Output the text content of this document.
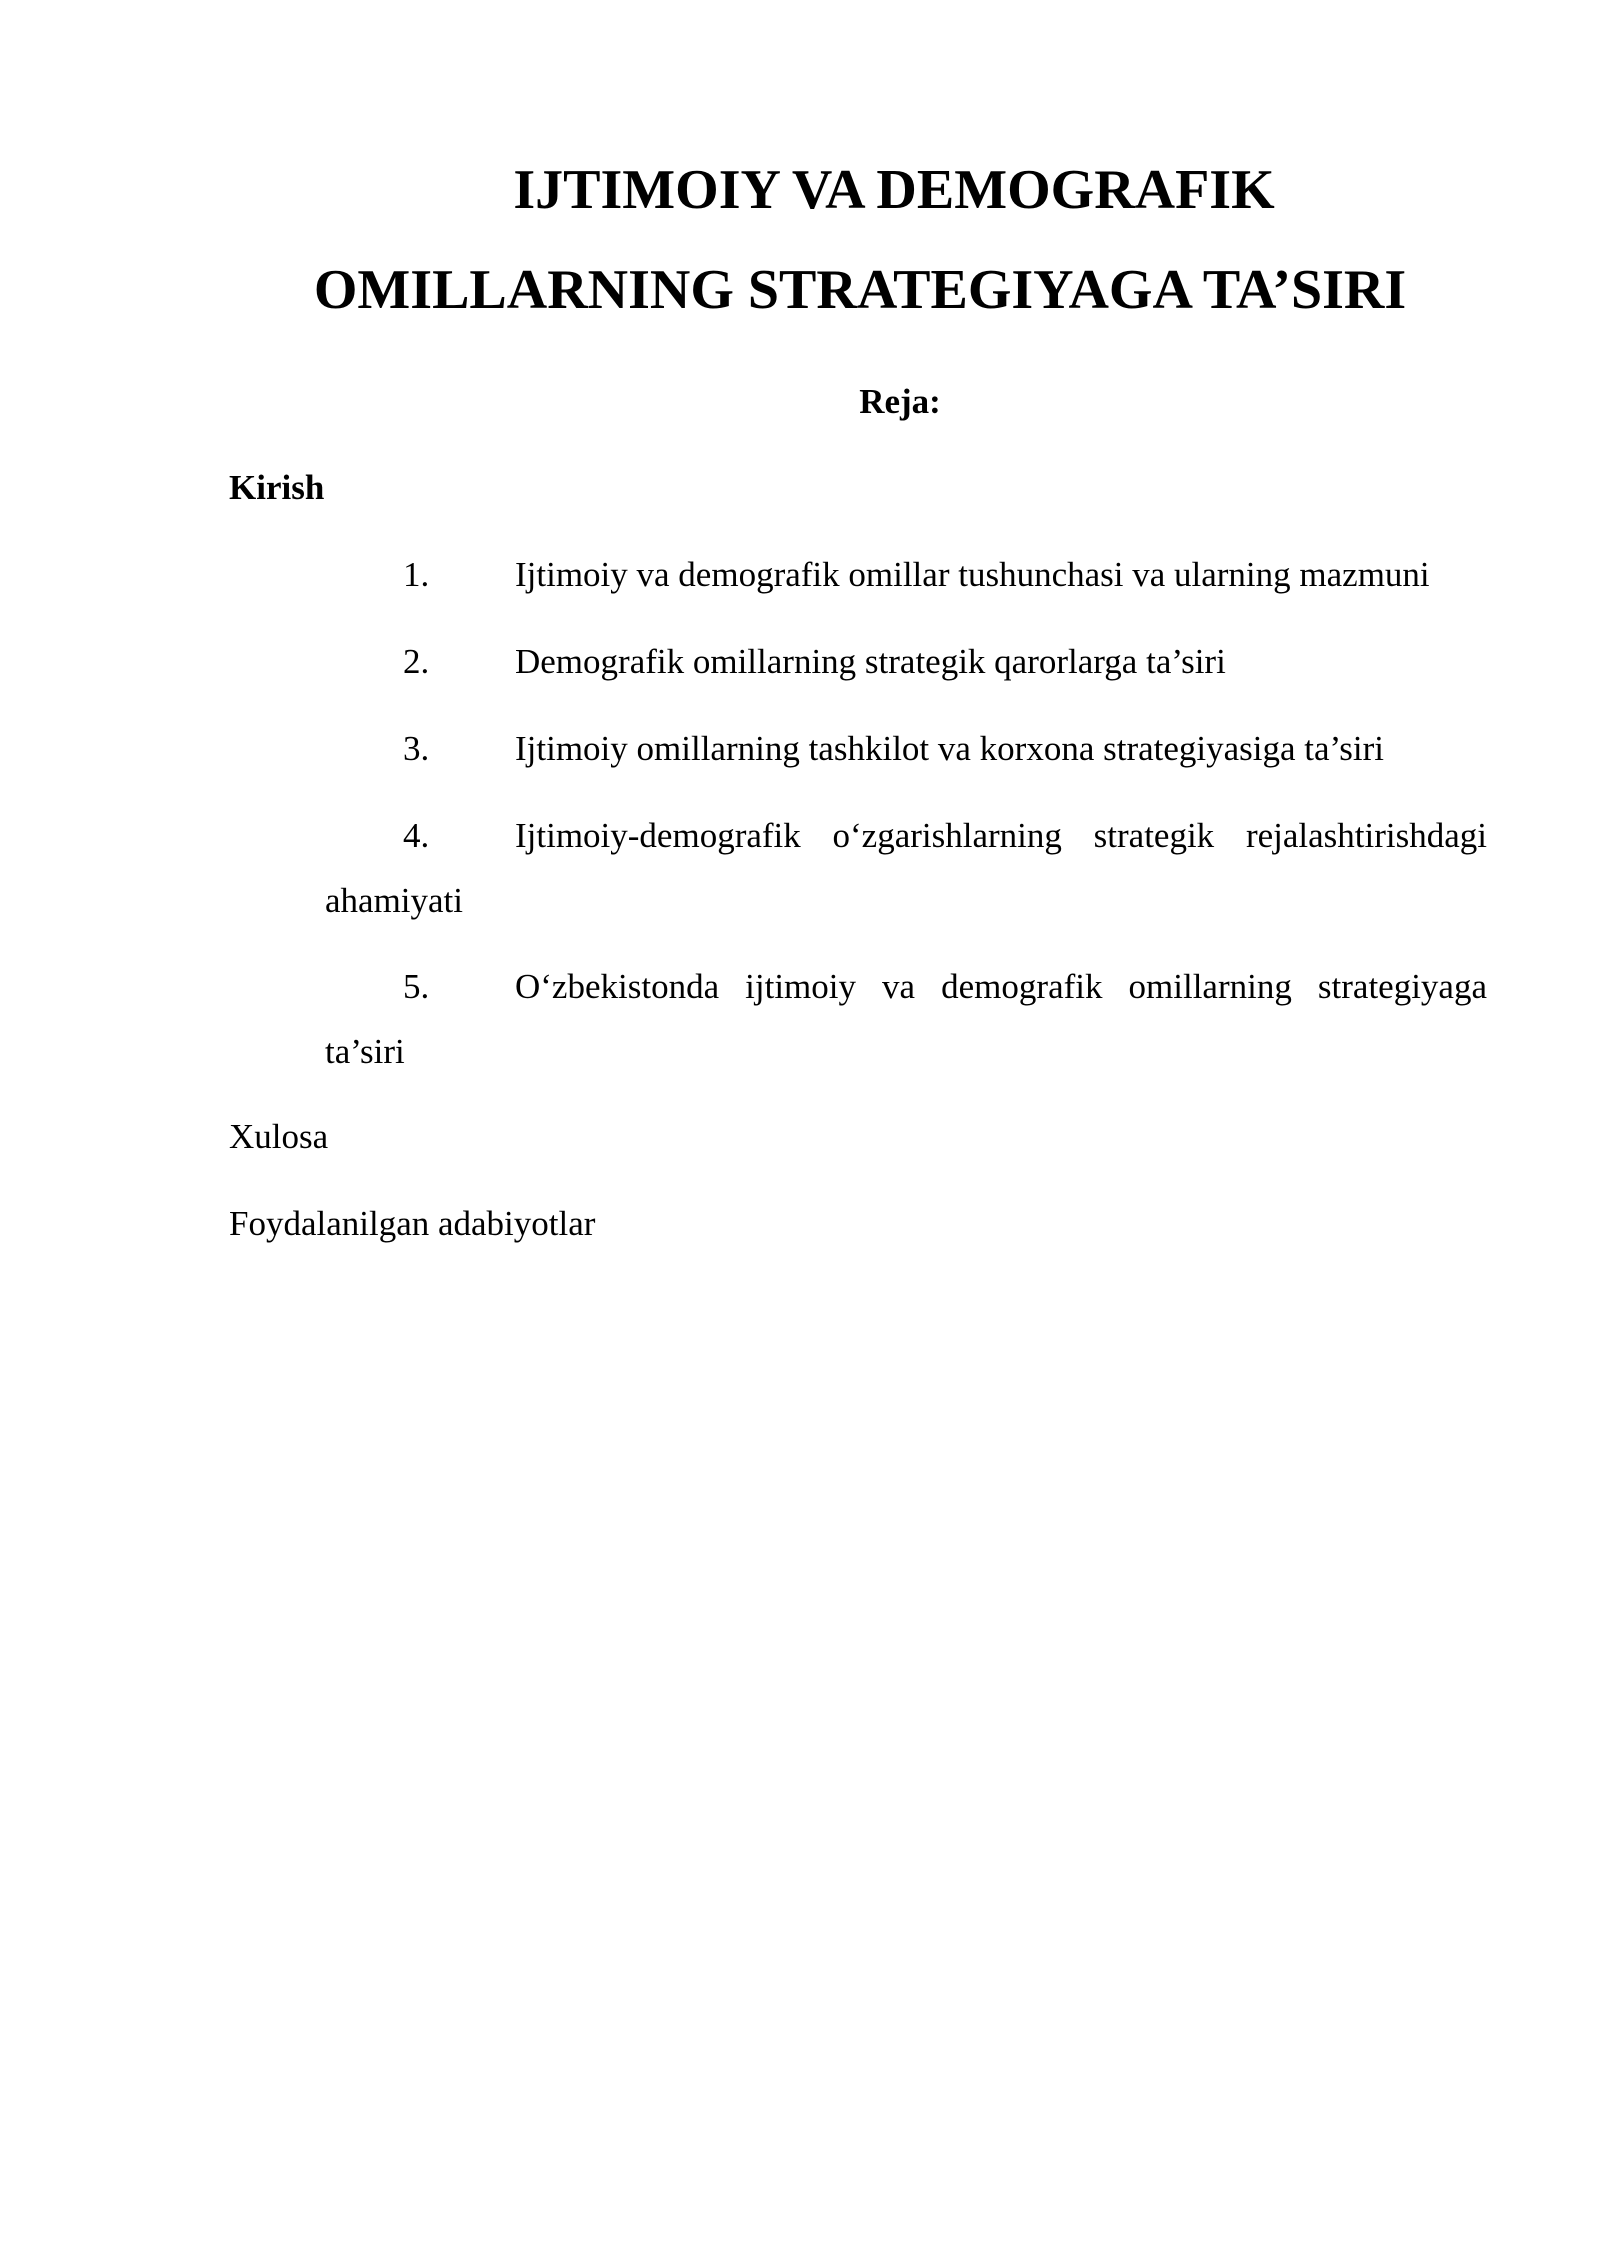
IJTIMOIY VA DEMOGRAFIK
OMILLARNING STRATEGIYAGA TA’SIRI
Reja:
Kirish
1. Ijtimoiy va demografik omillar tushunchasi va ularning mazmuni
2. Demografik omillarning strategik qarorlarga ta’siri
3. Ijtimoiy omillarning tashkilot va korxona strategiyasiga ta’siri
4. Ijtimoiy-demografik o‘zgarishlarning strategik rejalashtirishdagi
ahamiyati
5. O‘zbekistonda ijtimoiy va demografik omillarning strategiyaga
ta’siri
Xulosa
Foydalanilgan adabiyotlar
